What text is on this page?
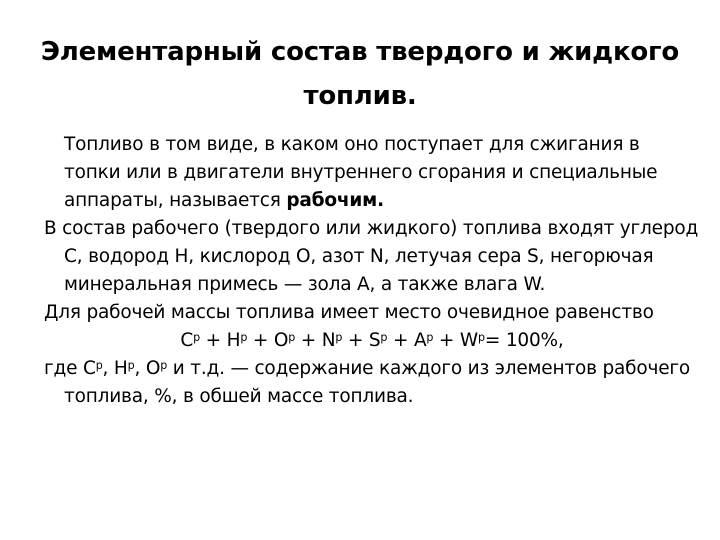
Элементарный состав твердого и жидкого топлив.

Топливо в том виде, в каком оно поступает для сжигания в топки или в двигатели внутреннего сгорания и специальные аппараты, называется рабочим.

В состав рабочего (твердого или жидкого) топлива входят углерод С, водород Н, кислород О, азот N, летучая сера S, негорючая минеральная примесь — зола А, а также влага W.

Для рабочей массы топлива имеет место очевидное равенство

$C^р + H^р + O^р + N^р + S^р + A^р + W^р= 100\%$,

где $C^р$, $H^р$, $O^р$ и т.д. — содержание каждого из элементов рабочего топлива, %, в обшей массе топлива.
